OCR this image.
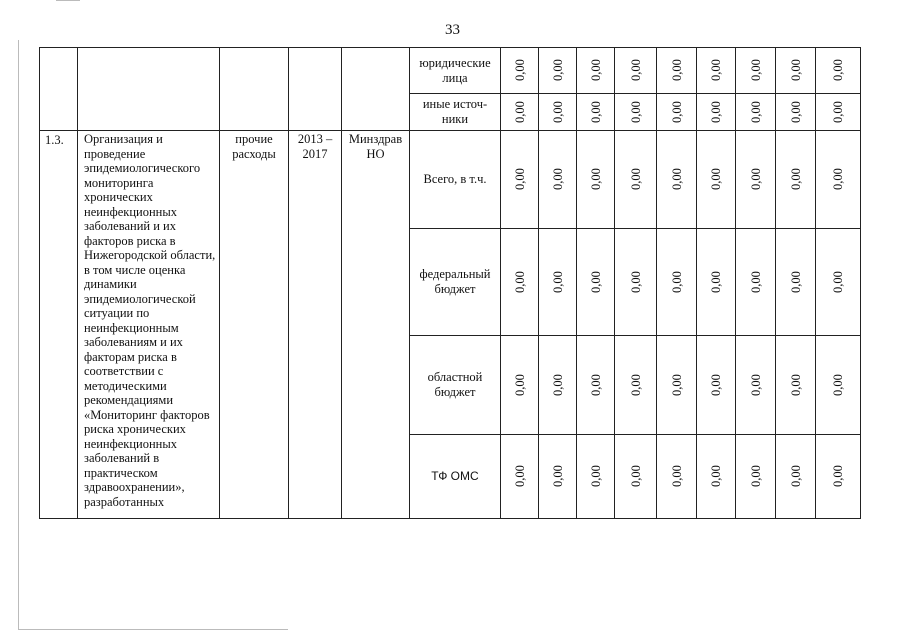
33
					юридические лица	0,00	0,00	0,00	0,00	0,00	0,00	0,00	0,00	0,00
					иные источ-ники	0,00	0,00	0,00	0,00	0,00	0,00	0,00	0,00	0,00
1.3.	Организация и проведение эпидемиологического мониторинга хронических неинфекционных заболеваний и их факторов риска в Нижегородской области, в том числе оценка динамики эпидемиологической ситуации по неинфекционным заболеваниям и их факторам риска в соответствии с методическими рекомендациями «Мониторинг факторов риска хронических неинфекционных заболеваний в практическом здравоохранении», разработанных	прочие расходы	2013 – 2017	Минздрав НО	Всего, в т.ч.	0,00	0,00	0,00	0,00	0,00	0,00	0,00	0,00	0,00
					федеральный бюджет	0,00	0,00	0,00	0,00	0,00	0,00	0,00	0,00	0,00
					областной бюджет	0,00	0,00	0,00	0,00	0,00	0,00	0,00	0,00	0,00
					ТФ ОМС	0,00	0,00	0,00	0,00	0,00	0,00	0,00	0,00	0,00
